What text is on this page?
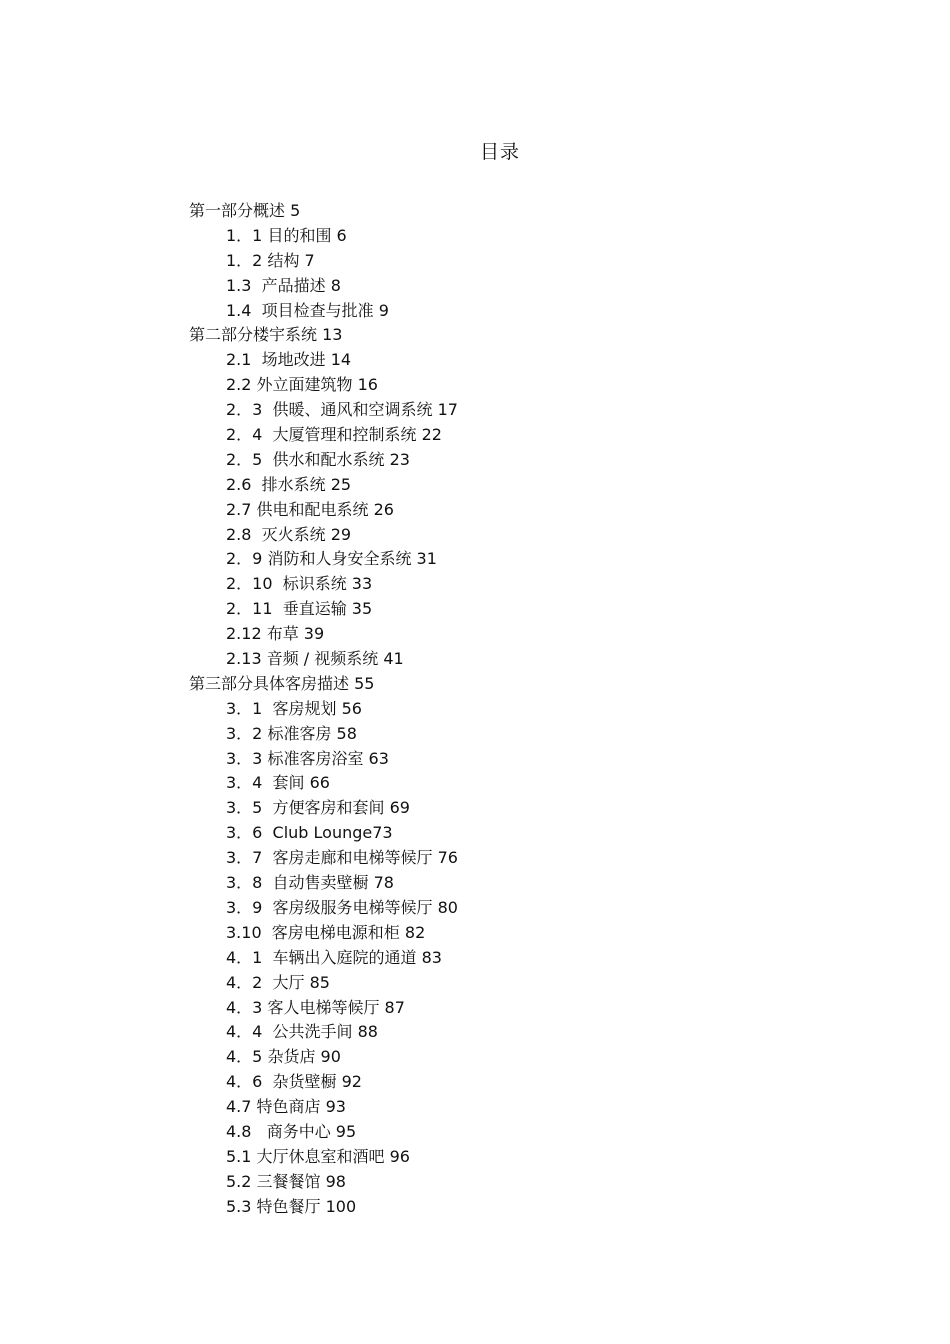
目录
第一部分概述 5
1．1 目的和围 6
1．2 结构 7
1.3  产品描述 8
1.4  项目检查与批准 9
第二部分楼宇系统 13
2.1  场地改进 14
2.2 外立面建筑物 16
2．3  供暖、通风和空调系统 17
2．4  大厦管理和控制系统 22
2．5  供水和配水系统 23
2.6  排水系统 25
2.7 供电和配电系统 26
2.8  灭火系统 29
2．9 消防和人身安全系统 31
2．10  标识系统 33
2．11  垂直运输 35
2.12 布草 39
2.13 音频 / 视频系统 41
第三部分具体客房描述 55
3．1  客房规划 56
3．2 标准客房 58
3．3 标准客房浴室 63
3．4  套间 66
3．5  方便客房和套间 69
3．6  Club Lounge73
3．7  客房走廊和电梯等候厅 76
3．8  自动售卖壁橱 78
3．9  客房级服务电梯等候厅 80
3.10  客房电梯电源和柜 82
4．1  车辆出入庭院的通道 83
4．2  大厅 85
4．3 客人电梯等候厅 87
4．4  公共洗手间 88
4．5 杂货店 90
4．6  杂货壁橱 92
4.7 特色商店 93
4.8   商务中心 95
5.1 大厅休息室和酒吧 96
5.2 三餐餐馆 98
5.3 特色餐厅 100
